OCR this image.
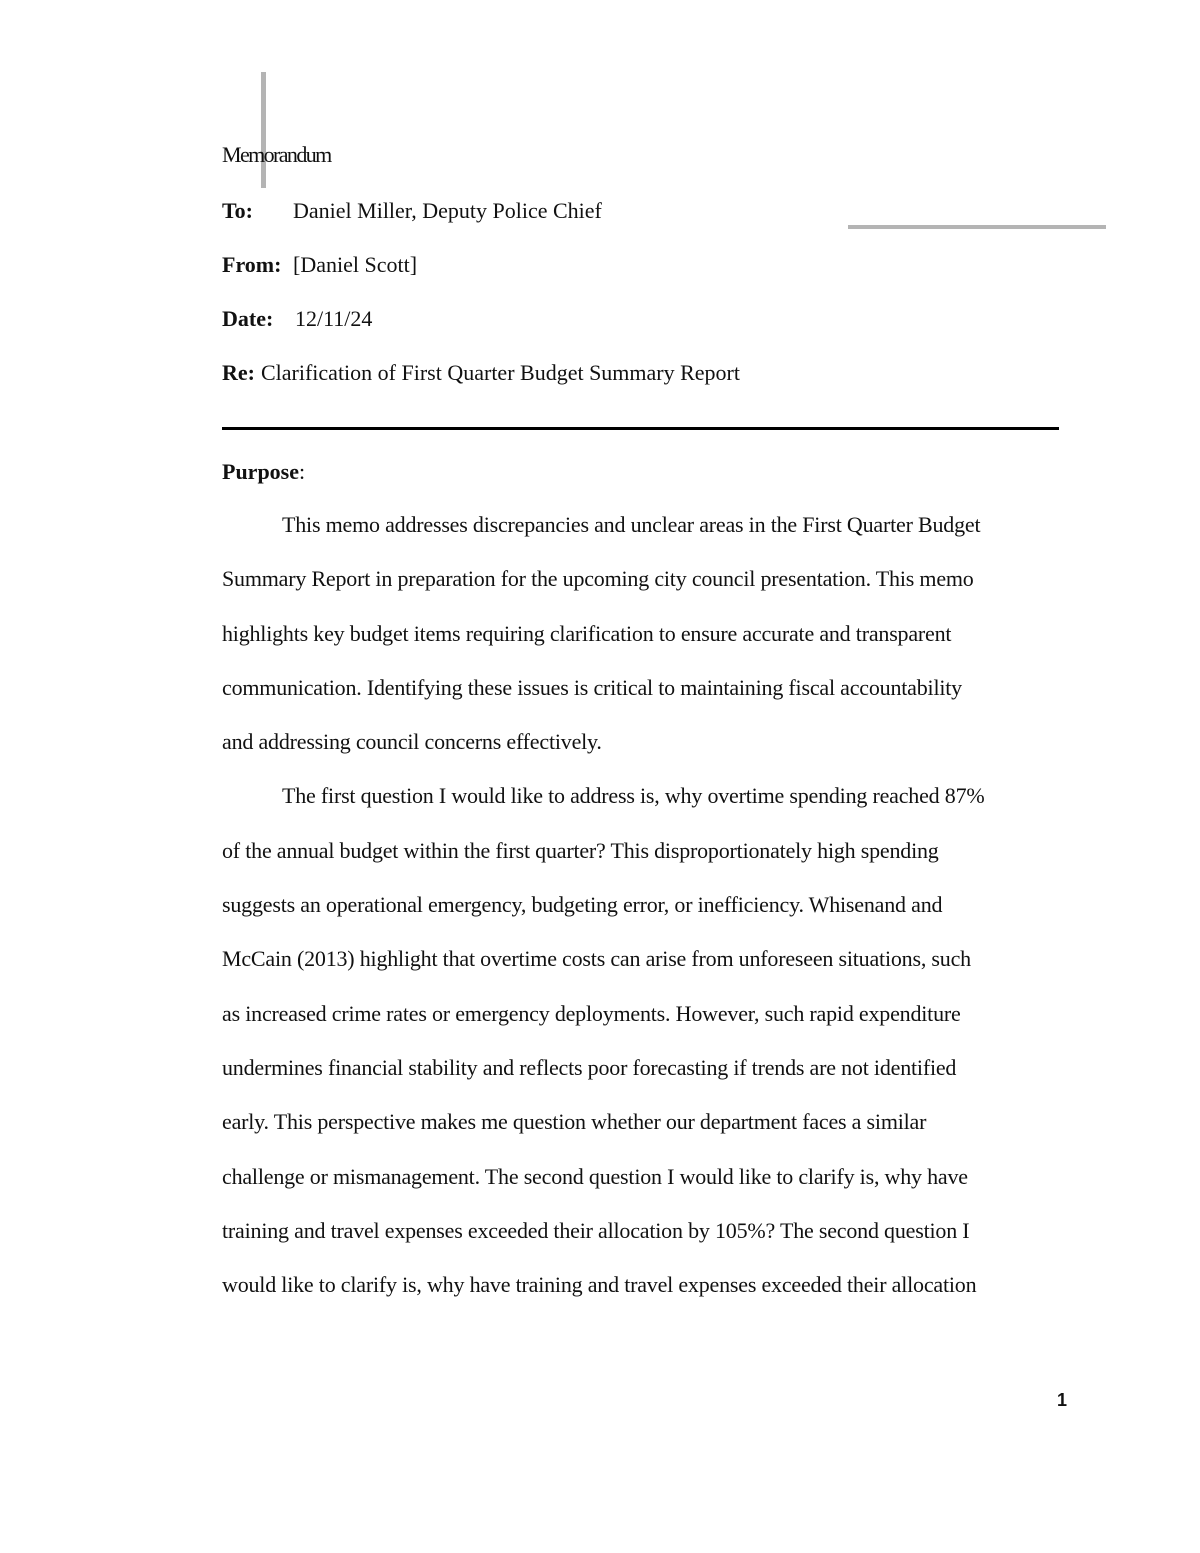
Memorandum
To: Daniel Miller, Deputy Police Chief
From: [Daniel Scott]
Date: 12/11/24
Re: Clarification of First Quarter Budget Summary Report
Purpose:
This memo addresses discrepancies and unclear areas in the First Quarter Budget
Summary Report in preparation for the upcoming city council presentation. This memo
highlights key budget items requiring clarification to ensure accurate and transparent
communication. Identifying these issues is critical to maintaining fiscal accountability
and addressing council concerns effectively.
The first question I would like to address is, why overtime spending reached 87%
of the annual budget within the first quarter? This disproportionately high spending
suggests an operational emergency, budgeting error, or inefficiency. Whisenand and
McCain (2013) highlight that overtime costs can arise from unforeseen situations, such
as increased crime rates or emergency deployments. However, such rapid expenditure
undermines financial stability and reflects poor forecasting if trends are not identified
early. This perspective makes me question whether our department faces a similar
challenge or mismanagement. The second question I would like to clarify is, why have
training and travel expenses exceeded their allocation by 105%? The second question I
would like to clarify is, why have training and travel expenses exceeded their allocation
1
